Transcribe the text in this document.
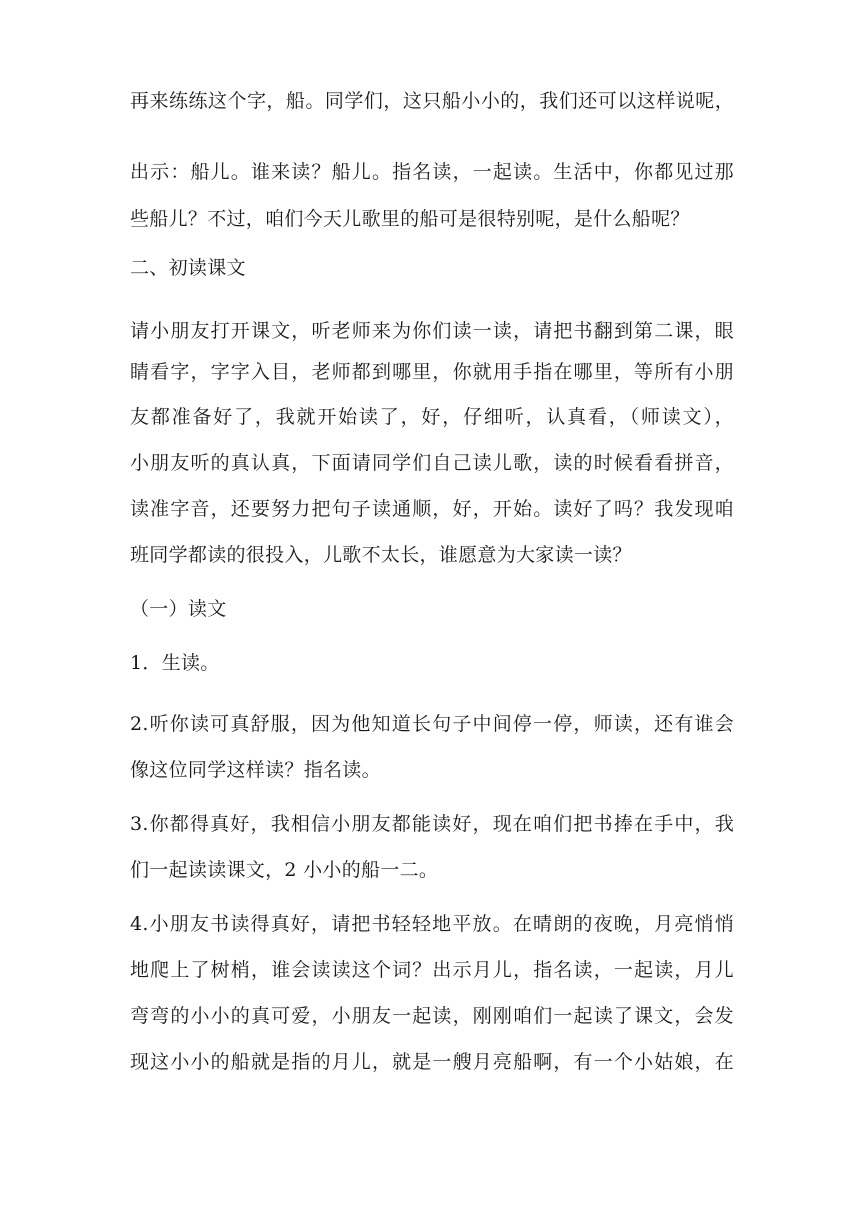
再来练练这个字，船。同学们，这只船小小的，我们还可以这样说呢，
出示：船儿。谁来读？船儿。指名读，一起读。生活中，你都见过那
些船儿？不过，咱们今天儿歌里的船可是很特别呢，是什么船呢？
二、初读课文
请小朋友打开课文，听老师来为你们读一读，请把书翻到第二课，眼
睛看字，字字入目，老师都到哪里，你就用手指在哪里，等所有小朋
友都准备好了，我就开始读了，好，仔细听，认真看，（师读文），
小朋友听的真认真，下面请同学们自己读儿歌，读的时候看看拼音，
读准字音，还要努力把句子读通顺，好，开始。读好了吗？我发现咱
班同学都读的很投入，儿歌不太长，谁愿意为大家读一读？
（一）读文
1．生读。
2.听你读可真舒服，因为他知道长句子中间停一停，师读，还有谁会
像这位同学这样读？指名读。
3.你都得真好，我相信小朋友都能读好，现在咱们把书捧在手中，我
们一起读读课文，2 小小的船一二。
4.小朋友书读得真好，请把书轻轻地平放。在晴朗的夜晚，月亮悄悄
地爬上了树梢，谁会读读这个词？出示月儿，指名读，一起读，月儿
弯弯的小小的真可爱，小朋友一起读，刚刚咱们一起读了课文，会发
现这小小的船就是指的月儿，就是一艘月亮船啊，有一个小姑娘，在
